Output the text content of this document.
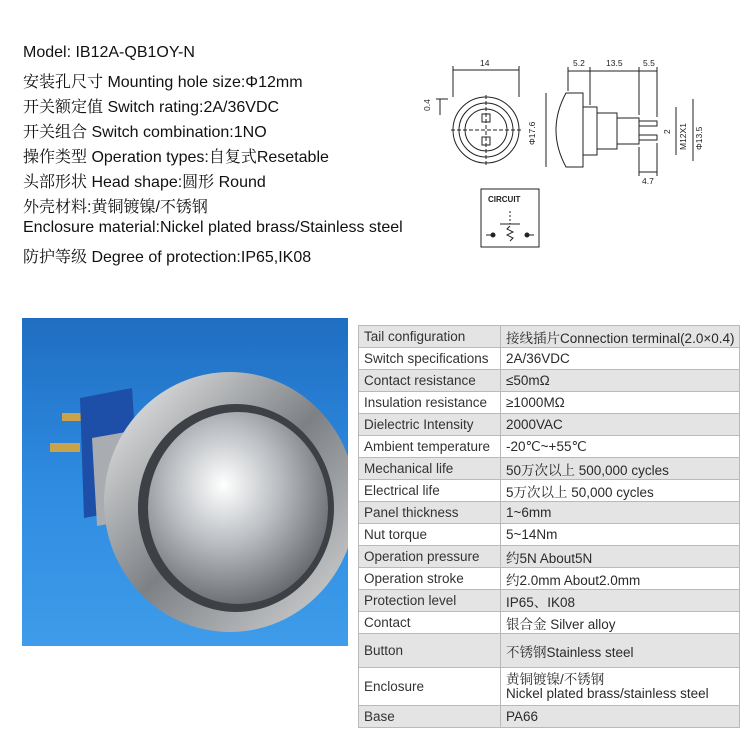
Model: IB12A-QB1OY-N
安装孔尺寸 Mounting hole size:Φ12mm
开关额定值 Switch rating:2A/36VDC
开关组合 Switch combination:1NO
操作类型 Operation types:自复式Resetable
头部形状 Head shape:圆形 Round
外壳材料:黄铜镀镍/不锈钢
Enclosure material:Nickel plated brass/Stainless steel
防护等级 Degree of protection:IP65,IK08
14
0.4
Φ17.6
5.2 13.5 5.5
2 M12X1 Φ13.5
4.7
CIRCUIT
Tail configuration	接线插片Connection terminal(2.0×0.4)
Switch specifications	2A/36VDC
Contact resistance	≤50mΩ
Insulation resistance	≥1000MΩ
Dielectric Intensity	2000VAC
Ambient temperature	-20℃~+55℃
Mechanical life	50万次以上 500,000 cycles
Electrical life	5万次以上 50,000 cycles
Panel thickness	1~6mm
Nut torque	5~14Nm
Operation pressure	约5N About5N
Operation stroke	约2.0mm About2.0mm
Protection level	IP65、IK08
Contact	银合金 Silver alloy
Button	不锈钢Stainless steel
Enclosure	黄铜镀镍/不锈钢
Nickel plated brass/stainless steel

Base	PA66
